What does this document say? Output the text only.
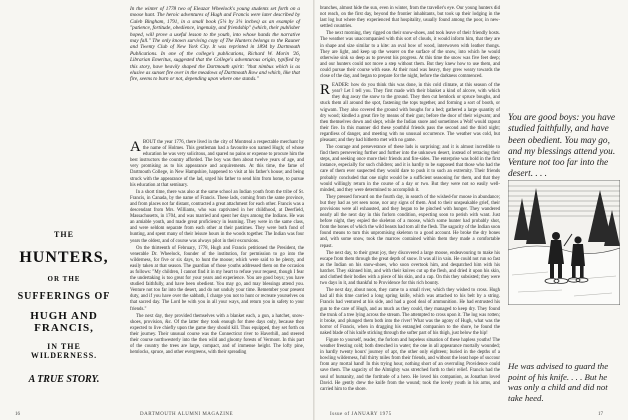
THE
HUNTERS,
OR THE
SUFFERINGS OF
HUGH AND FRANCIS,
IN THE WILDERNESS.
A TRUE STORY.
In the winter of 1778 two of Eleazar Wheelock's young students set forth on a moose hunt. The heroic adventures of Hugh and Francis were later described by Caleb Bingham, 1791, in a small book (5¼ by 3¼ inches) as an example of "patience, fortitude, obedience, ingenuity, and friendship" (which, their publisher hoped, will prove a useful lesson to the youth, into whose hands the narrative may fall." The only known surviving copy of The Hunters belongs to the Rauner and Twenty Club of New York City. It was reprinted in 1894 by Dartmouth Publications. In one of the college's publications, Richard W. Morin '26, Librarian Emeritus, suggested that the College's adventurous origin, typified by this story, have heavily shaped the Dartmouth spirit: "that nimbus which is as elusive as sunset fire over in the meadows of Dartmouth Row and which, like that fire, seems to burn or not, depending upon where one stands."

ABOUT the year 1776, there lived in the city of Montreal a respectable merchant by the name of Holmes. This gentleman had a favourite son named Hugh; of whose education he was very solicitous, and spared no pains or expense to procure him the best instructors the country afforded. The boy was then about twelve years of age, and very promising as to his appearance and acquirements. At this time, the fame of Dartmouth College, in New Hampshire, happened to visit at his father's house; and being struck with the appearance of the lad, urged his father to send him from home, to pursue his education at that seminary.

In a short time, there was also at the same school an Indian youth from the tribe of St. Francis, in Canada, by the name of Francis. These lads, coming from the same province, and from places not far distant, contracted a great attachment for each other. Francis was a descendant from Mrs. Williams, who was captivated in her childhood, at Deerfield, Massachusetts, in 1704, and was married and spent her days among the Indians. He was an amiable youth, and made great proficiency in learning. They were in the same class, and were seldom separate from each other at their pastimes. They were both fond of hunting, and spent many of their leisure hours in the woods together. The Indian was four years the oldest, and of course was always pilot in their excursions.

On the thirteenth of February, 1778, Hugh and Francis petitioned the President, the venerable Dr. Wheelock, founder of the institution, for permission to go into the wilderness, for five or six days, to hunt the moose; which were said to be plenty, and easily taken at that season. The guardian of those youths addressed them on the occasion as follows: "My children, I cannot find it in my heart to refuse your request, though I fear the undertaking is too great for your years and experience. You are good boys; you have studied faithfully, and have been obedient. You may go, and may blessings attend you. Venture not too far into the desert, and do not unduly your time. Remember your present duty, and if you have over the sabbath, I charge you not to hunt or recreate yourselves on that sacred day. The Lord be with you in all your ways, and return you in safety to your friends."

The next day, they provided themselves with a blanket each, a gun, a hatchet, snow-shoes, provision, &c. Of the latter they took enough for three days only, because they expected to live chiefly upon the game they should kill. Thus equipped, they set forth on their journey. Their unusual course was the Connecticut river to Haverhill, and steered their course northwesterly into the then wild and gloomy forests of Vermont. In this part of the country the trees are large, compact, and of immense height. The lofty pine, hemlocks, spruce, and other evergreens, with their spreading

16	DARTMOUTH ALUMNI MAGAZINE

branches, almost hide the sun, even in winter, from the traveller's eye. Our young hunters did not reach, on the first day, beyond the frontier inhabitants, but took up their lodging in the last log hut where they experienced that hospitality, usually found among the poor, in new-settled countries.

The next morning, they rigged on their snow-shoes, and took leave of their friendly hosts. The weather was unaccompanied with this sort of clouds, it would inform him, that they are in shape and size similar to a kite: an oval bow of wood, interwoven with leather thongs. They are light, and keep up the wearer on the surface of the snow, into which he would otherwise sink so deep as to prevent his progress. At this time the snow was five feet deep; and our hunters could not move a step without them. But they knew how to use them, and could pursue their course with ease. At their road was heavy, they grew weary towards the close of the day, and began to prepare for the night, before the darkness commenced.

READER: how do you think this was done, in this cold climate, at this season of the year? Let I tell you. They first made with their blanket a kind of alcove, with which they dug away the snow to the ground. They then cut hemlock or spruce boughs, and stuck them all around the spot, fastening the tops together, and forming a sort of booth, or wigwam. They also covered the ground with boughs for a bed; gathered a large quantity of dry wood; kindled a great fire by means of their gun; before the door of their wigwam; and then themselves down and slept, while the Indian snore and sometimes a Wolf would rapout their fire. In this manner did these youthful friends pass the second and the third night; regardless of danger, and meeting with no unusual occurrence. The weather was cold, but pleasant; and they had hitherto met with no game.

The courage and perseverance of these lads is surprising; and it is almost incredible to find them persevering further and further into the unknown desert, instead of retracing their steps, and seeking once more their friends and fire-sides. The enterprise was bold in the first instance, especially for such children; and it is hardly to be supposed that those who had the care of them ever suspected they would dare to push it to such an extremity. Their friends probably concluded that one night would be a sufficient seasoning for them, and that they would willingly return in the course of a day or two. But they were not so easily well-minded, and they were determined to accomplish it.

They pressed forward on the fourth day, in search of the wished-for moose in abundance; but they had as yet seen none, nor any signs of them. And to their unspeakable grief, their provisions were all exhausted, and they began to be pinched with hunger. They wandered nearly all the next day in this forlorn condition, expecting soon to perish with want. Just before night, they espied the skeleton of a moose, which some hunter had probably shot, from the bones of which the wild beasts had torn all the flesh. The sagacity of the Indian soon found means to turn this unpromising skeleton to a good account. He broke the dry bones and, with some snow, took the marrow contained within them they made a comfortable repast.

The next day, to their great joy, they discovered a large moose, endeavouring to make his escape from them through the great depth of snow. It was all in vain. He could not run so fast as the Indian on his snow-shoes, who soon overtook him, and despatched him with his hatchet. They skinned him, and with their knives cut up the flesh, and dried it upon his skin, and clothed their bodies with a piece of his skin, and a cap. On this they subsisted; they were two days in it, and thankful to Providence for this rich bounty.

The next day, about noon, they came to a small river, which they wished to cross. Hugh had all this time carried a long spring knife, which was attached to his belt by a string. Francis had ventured at his side, and had a good deal of ammunition. He had entrusted his gun to the care of Hugh, and as much as they could, they managed to keep dry. They found the trunk of a tree lying across the stream. The attempted to cross upon it. The log was rotten; it broke, and plunged them both into the river! What was the agony of Hugh, what was the horror of Francis, when in dragging his entangled companion to the shore, he found the naked blade of his knife sticking through the softer part of his thigh, just below the hip!

Figure to yourself, reader, the forlorn and hopeless situation of these hapless youths! The weather freezing cold; both drenched in water; the one in all appearance mortally wounded; in hardly twenty hours' journey of apt, the other only eighteen; buried in the depths of a howling wilderness, full thirty miles from their friends, and without the least hope of succour from any mortal hand! In this trying hour, nothing short of an overruling Providence could save them. The sagacity of the Almighty was stretched forth to their relief. Francis had the soul of humanity, and the fortitude of a hero. He loved his companion, as Jonathan loved David. He gently drew the knife from the wound; took the lovely youth in his arms, and carried him to the shore.

You are good boys: you have studied faithfully, and have been obedient. You may go, and my blessings attend you. Venture not too far into the desert. . . .
He was advised to guard the point of his knife. . . . But he was only a child and did not take heed.
Issue of JANUARY 1975	17
